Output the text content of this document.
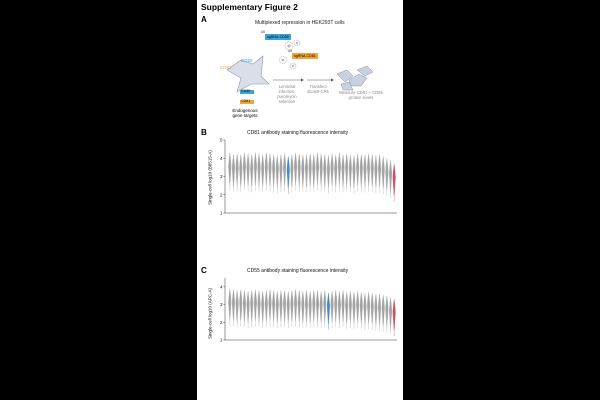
Supplementary Figure 2
A	Multiplexed repression in HEK293T cells
U6
sgRNA-CD55
U6
sgRNA-CD81
CD55
CD81
CD55
CD81
Endogenous
gene targets
Lentiviral
infection,
puromycin
selection
Transfect
dCas9-CRs	Measure CD81 + CD55
protein levels
B	CD81 antibody staining fluorescence intensity
Single-cell log10 (B8515-A)
1
2
3
4
5
C	CD55 antibody staining fluorescence intensity
Single-cell log10 (APC-A)
1
2
3
4
